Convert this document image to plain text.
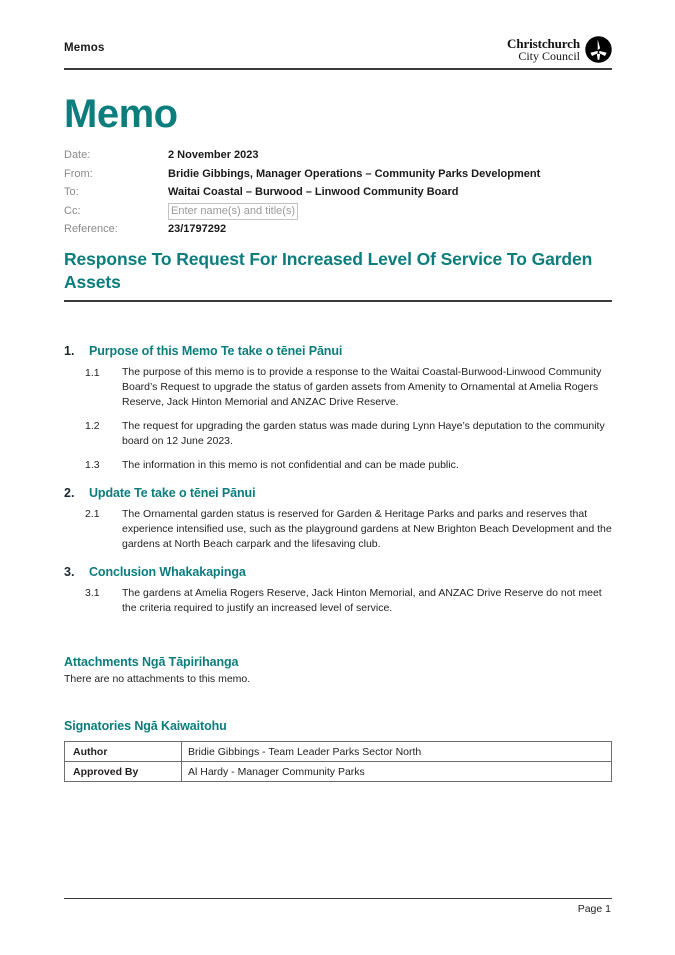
Memos	Christchurch
City Council
Memo
Date:	2 November 2023
From:	Bridie Gibbings, Manager Operations – Community Parks Development
To:	Waitai Coastal – Burwood – Linwood Community Board
Cc:	Enter name(s) and title(s)
Reference:	23/1797292
Response To Request For Increased Level Of Service To Garden Assets
1.	Purpose of this Memo Te take o tēnei Pānui
1.1	The purpose of this memo is to provide a response to the Waitai Coastal-Burwood-Linwood Community Board’s Request to upgrade the status of garden assets from Amenity to Ornamental at Amelia Rogers Reserve, Jack Hinton Memorial and ANZAC Drive Reserve.
1.2	The request for upgrading the garden status was made during Lynn Haye’s deputation to the community board on 12 June 2023.
1.3	The information in this memo is not confidential and can be made public.
2.	Update Te take o tēnei Pānui
2.1	The Ornamental garden status is reserved for Garden & Heritage Parks and parks and reserves that experience intensified use, such as the playground gardens at New Brighton Beach Development and the gardens at North Beach carpark and the lifesaving club.
3.	Conclusion Whakakapinga
3.1	The gardens at Amelia Rogers Reserve, Jack Hinton Memorial, and ANZAC Drive Reserve do not meet the criteria required to justify an increased level of service.
Attachments Ngā Tāpirihanga
There are no attachments to this memo.
Signatories Ngā Kaiwaitohu
Author	Bridie Gibbings - Team Leader Parks Sector North
Approved By	Al Hardy - Manager Community Parks
Page 1
